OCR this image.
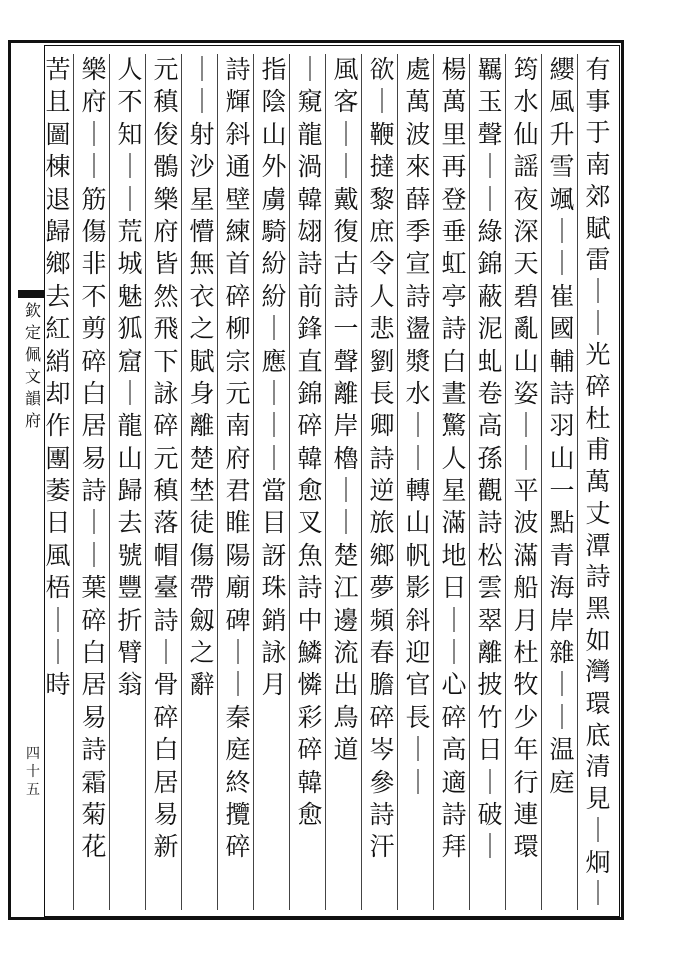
欽
定
佩
文
韻
府
四
十
五
有
事
于
南
郊
賦
雷
｜
｜
光
碎
杜
甫
萬
丈
潭
詩
黑
如
灣
環
底
清
見
｜
炯
｜
纓
風
升
雪
颯
｜
｜
崔
國
輔
詩
羽
山
一
點
青
海
岸
雜
｜
｜
温
庭
筠
水
仙
謡
夜
深
天
碧
亂
山
姿
｜
｜
平
波
滿
船
月
杜
牧
少
年
行
連
環
羈
玉
聲
｜
｜
綠
錦
蔽
泥
虬
卷
高
孫
觀
詩
松
雲
翠
離
披
竹
日
｜
破
｜
楊
萬
里
再
登
垂
虹
亭
詩
白
晝
驚
人
星
滿
地
日
｜
｜
心
碎
高
適
詩
拜
處
萬
波
來
薛
季
宣
詩
盪
漿
水
｜
｜
轉
山
帆
影
斜
迎
官
長
｜
｜
欲
｜
鞭
撻
黎
庶
令
人
悲
劉
長
卿
詩
逆
旅
鄉
夢
頻
春
膽
碎
岑
參
詩
汗
風
客
｜
｜
戴
復
古
詩
一
聲
離
岸
櫓
｜
｜
楚
江
邊
流
出
鳥
道
｜
窺
龍
渦
韓
翃
詩
前
鋒
直
錦
碎
韓
愈
叉
魚
詩
中
鱗
憐
彩
碎
韓
愈
指
陰
山
外
虜
騎
紛
紛
｜
應
｜
｜
｜
當
目
訝
珠
銷
詠
月
詩
輝
斜
通
壁
練
首
碎
柳
宗
元
南
府
君
睢
陽
廟
碑
｜
｜
秦
庭
終
攬
碎
｜
｜
射
沙
星
懵
無
衣
之
賦
身
離
楚
埜
徒
傷
帶
劔
之
辭
元
稹
俊
鶻
樂
府
皆
然
飛
下
詠
碎
元
稹
落
帽
臺
詩
｜
骨
碎
白
居
易
新
人
不
知
｜
｜
荒
城
魅
狐
窟
｜
龍
山
歸
去
號
豐
折
臂
翁
樂
府
｜
｜
筋
傷
非
不
剪
碎
白
居
易
詩
｜
｜
葉
碎
白
居
易
詩
霜
菊
花
苦
且
圖
棟
退
歸
鄉
去
紅
綃
却
作
團
萎
日
風
梧
｜
｜
時
